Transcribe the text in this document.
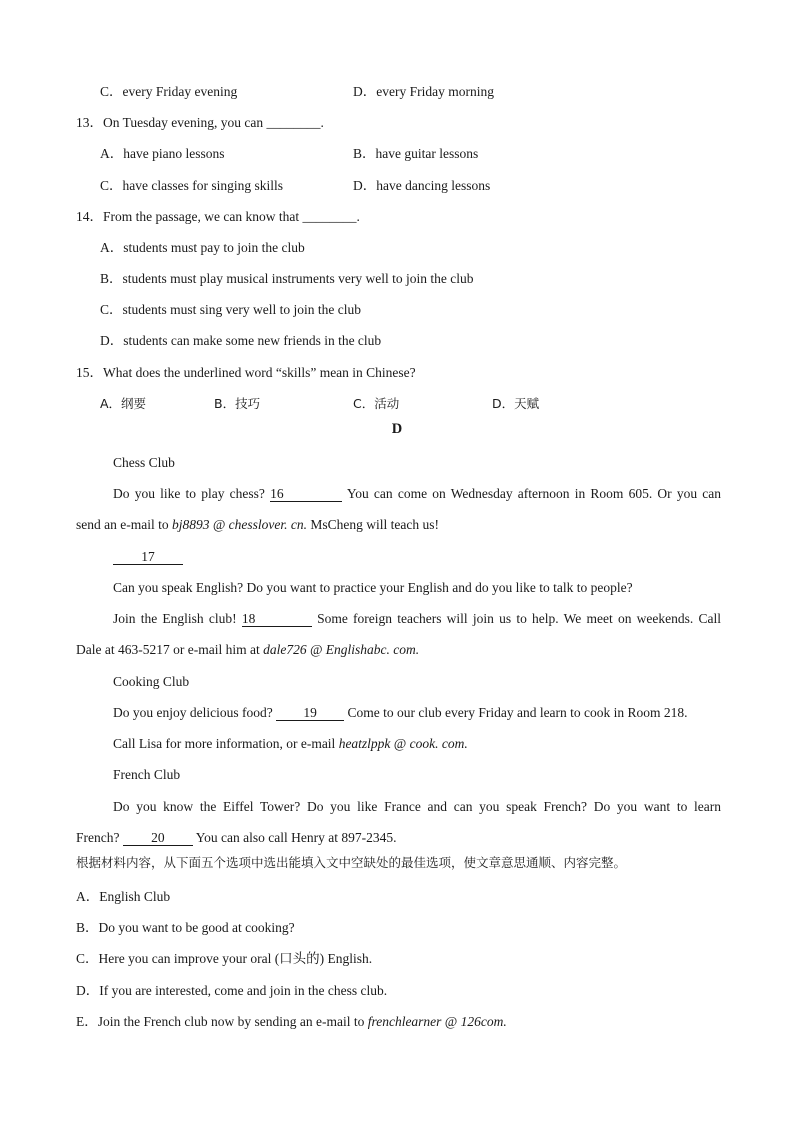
C．every Friday evening	D．every Friday morning
13．On Tuesday evening, you can ________.
A．have piano lessons	B．have guitar lessons
C．have classes for singing skills	D．have dancing lessons
14．From the passage, we can know that ________.
A．students must pay to join the club
B．students must play musical instruments very well to join the club
C．students must sing very well to join the club
D．students can make some new friends in the club
15．What does the underlined word “skills” mean in Chinese?
A．纲要	B．技巧	C．活动	D．天赋
D
Chess Club
Do you like to play chess? 16	You can come on Wednesday afternoon in Room 605. Or you can
send an e-mail to bj8893 @ chesslover. cn. MsCheng will teach us!
17
Can you speak English? Do you want to practice your English and do you like to talk to people?
Join the English club! 18	Some foreign teachers will join us to help. We meet on weekends. Call
Dale at 463-5217 or e-mail him at dale726 @ Englishabc. com.
Cooking Club
Do you enjoy delicious food? 19 Come to our club every Friday and learn to cook in Room 218.
Call Lisa for more information, or e-mail heatzlppk @ cook. com.
French Club
Do you know the Eiffel Tower? Do you like France and can you speak French? Do you want to learn
French? 20 You can also call Henry at 897-2345.
根据材料内容，从下面五个选项中选出能填入文中空缺处的最佳选项，使文章意思通顺、内容完整。
A．English Club
B．Do you want to be good at cooking?
C．Here you can improve your oral (口头的) English.
D．If you are interested, come and join in the chess club.
E．Join the French club now by sending an e-mail to frenchlearner @ 126com.
